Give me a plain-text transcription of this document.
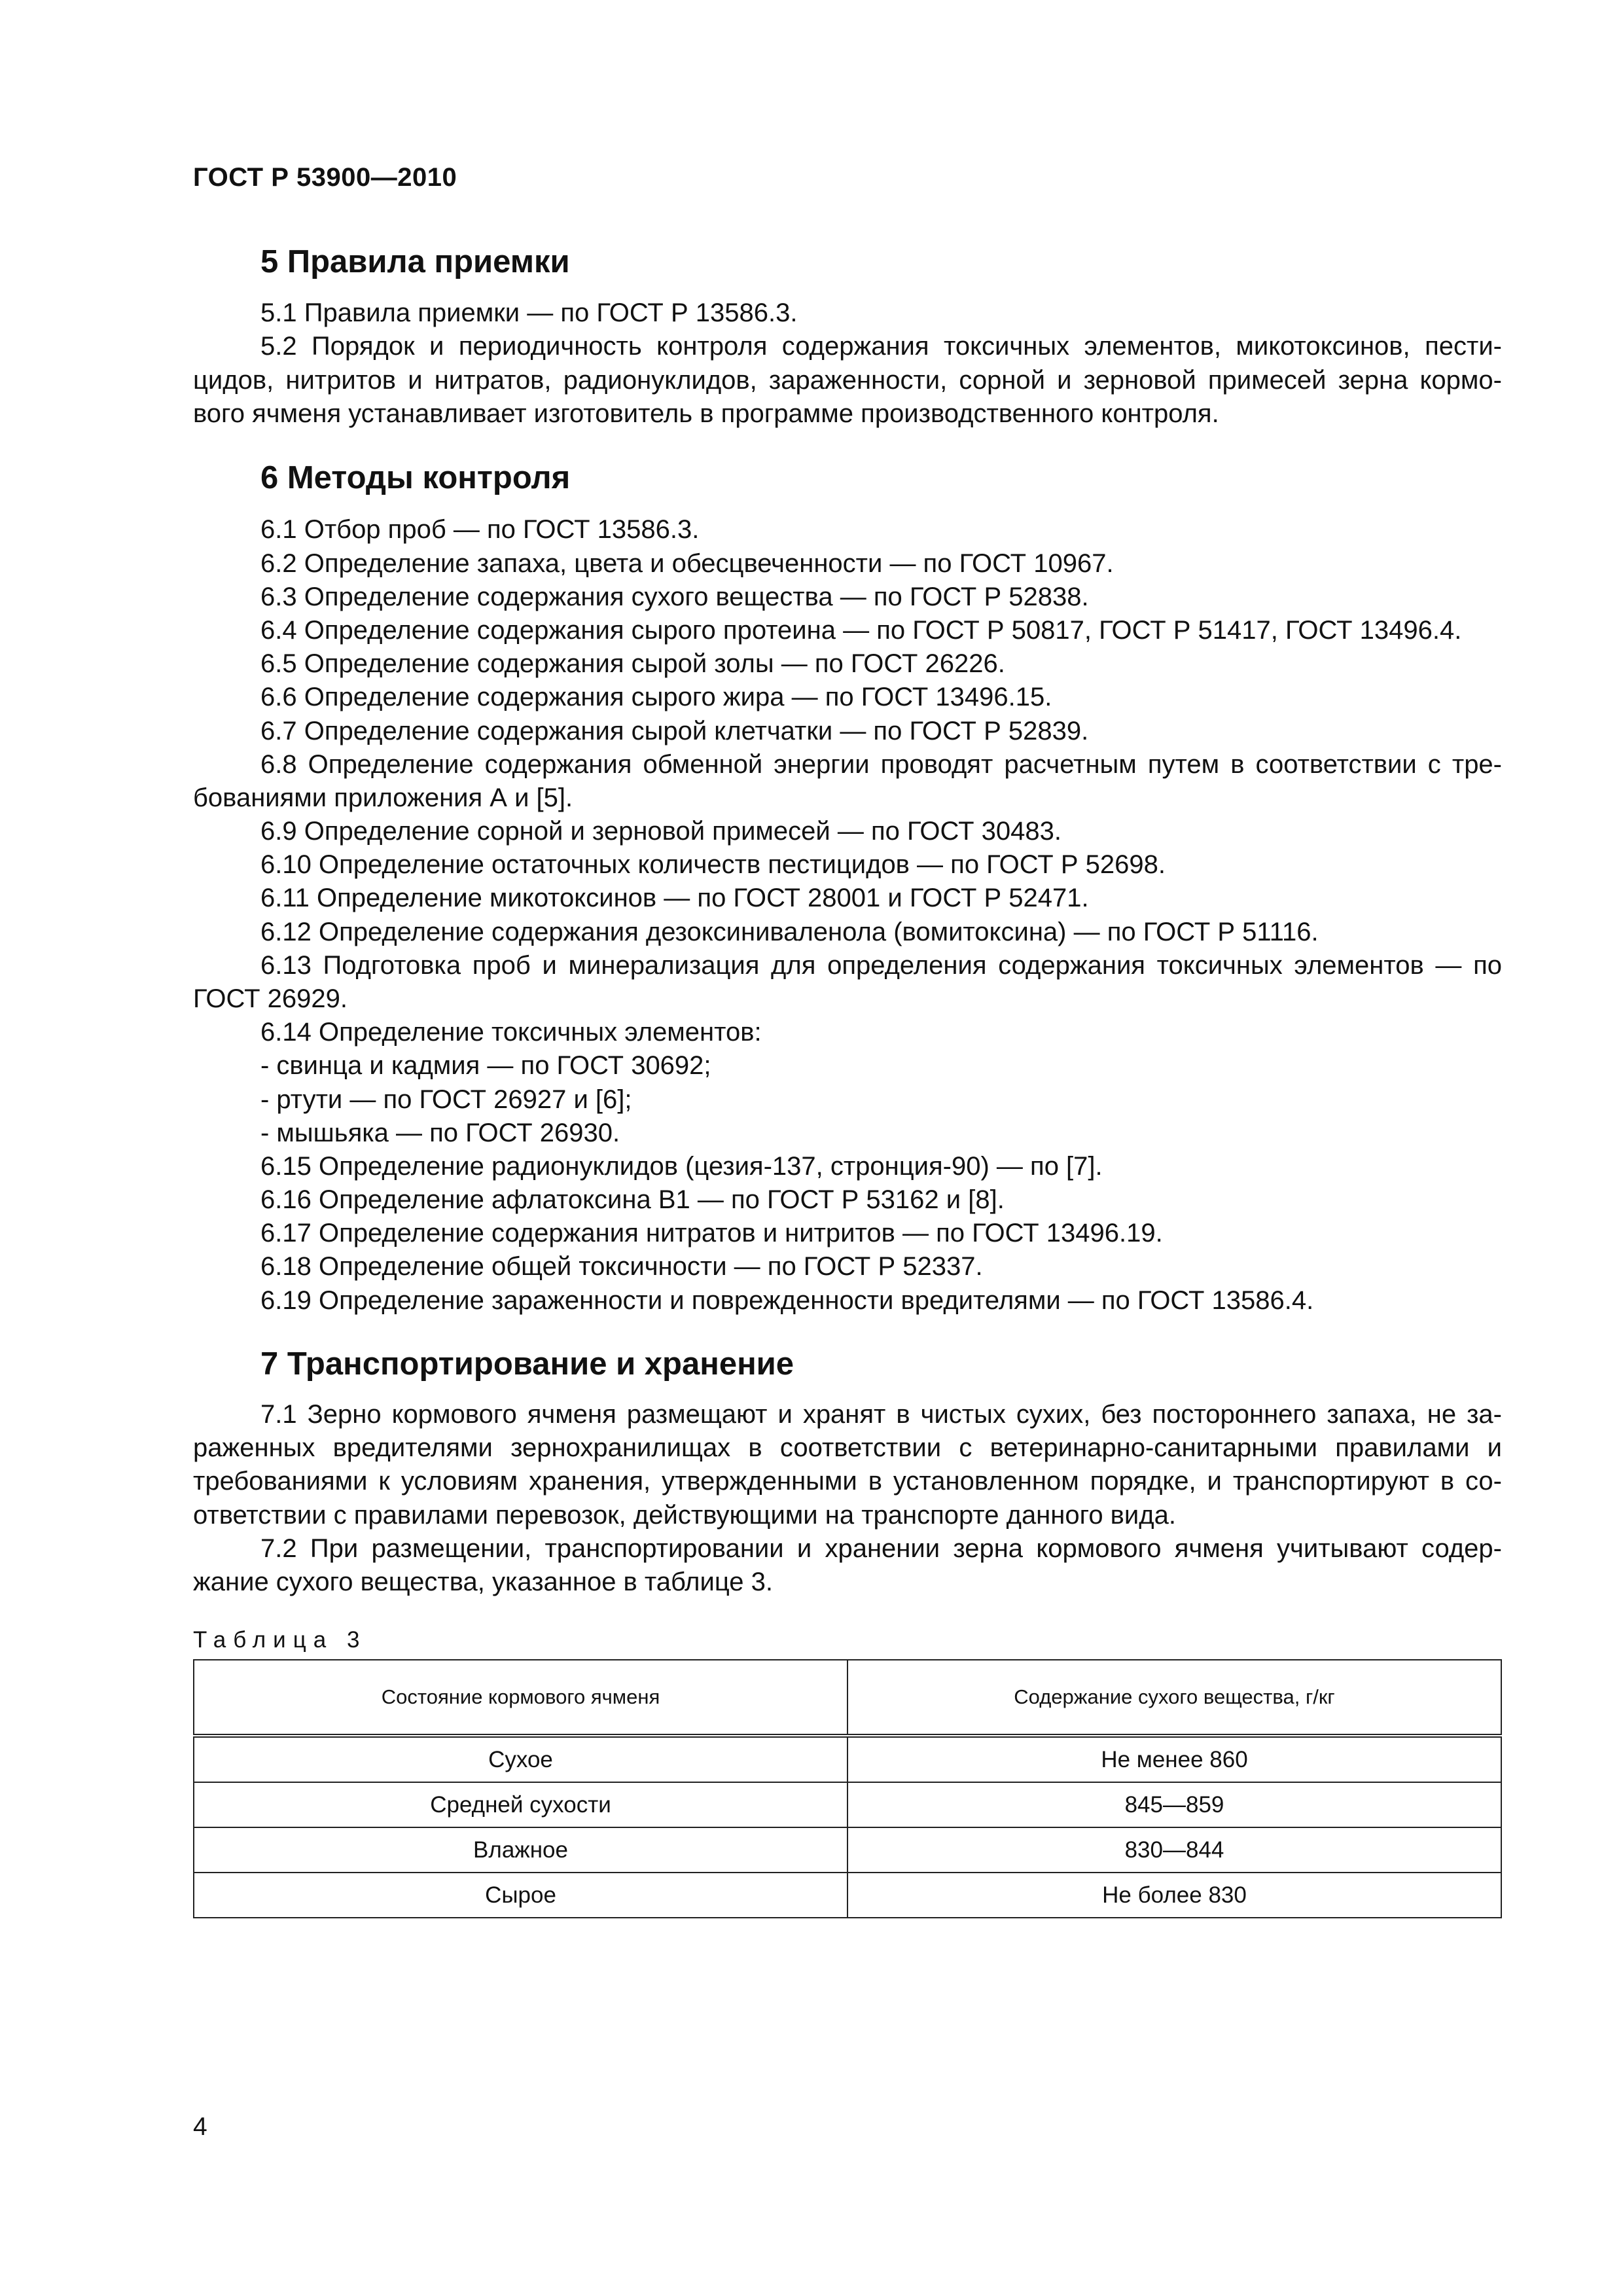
ГОСТ Р 53900—2010
5 Правила приемки
5.1 Правила приемки — по ГОСТ Р 13586.3.
5.2 Порядок и периодичность контроля содержания токсичных элементов, микотоксинов, пести-
цидов, нитритов и нитратов, радионуклидов, зараженности, сорной и зерновой примесей зерна кормо-
вого ячменя устанавливает изготовитель в программе производственного контроля.
6 Методы контроля
6.1 Отбор проб — по ГОСТ 13586.3.
6.2 Определение запаха, цвета и обесцвеченности — по ГОСТ 10967.
6.3 Определение содержания сухого вещества — по ГОСТ Р 52838.
6.4 Определение содержания сырого протеина — по ГОСТ Р 50817, ГОСТ Р 51417, ГОСТ 13496.4.
6.5 Определение содержания сырой золы — по ГОСТ 26226.
6.6 Определение содержания сырого жира — по ГОСТ 13496.15.
6.7 Определение содержания сырой клетчатки — по ГОСТ Р 52839.
6.8 Определение содержания обменной энергии проводят расчетным путем в соответствии с тре-
бованиями приложения А и [5].
6.9 Определение сорной и зерновой примесей — по ГОСТ 30483.
6.10 Определение остаточных количеств пестицидов — по ГОСТ Р 52698.
6.11 Определение микотоксинов — по ГОСТ 28001 и ГОСТ Р 52471.
6.12 Определение содержания дезоксиниваленола (вомитоксина) — по ГОСТ Р 51116.
6.13 Подготовка проб и минерализация для определения содержания токсичных элементов — по
ГОСТ 26929.
6.14 Определение токсичных элементов:
- свинца и кадмия — по ГОСТ 30692;
- ртути — по ГОСТ 26927 и [6];
- мышьяка — по ГОСТ 26930.
6.15 Определение радионуклидов (цезия-137, стронция-90) — по [7].
6.16 Определение афлатоксина В1 — по ГОСТ Р 53162 и [8].
6.17 Определение содержания нитратов и нитритов — по ГОСТ 13496.19.
6.18 Определение общей токсичности — по ГОСТ Р 52337.
6.19 Определение зараженности и поврежденности вредителями — по ГОСТ 13586.4.
7 Транспортирование и хранение
7.1 Зерно кормового ячменя размещают и хранят в чистых сухих, без постороннего запаха, не за-
раженных вредителями зернохранилищах в соответствии с ветеринарно-санитарными правилами и
требованиями к условиям хранения, утвержденными в установленном порядке, и транспортируют в со-
ответствии с правилами перевозок, действующими на транспорте данного вида.
7.2 При размещении, транспортировании и хранении зерна кормового ячменя учитывают содер-
жание сухого вещества, указанное в таблице 3.
Таблица 3
Состояние кормового ячменя	Содержание сухого вещества, г/кг
Сухое	Не менее 860
Средней сухости	845—859
Влажное	830—844
Сырое	Не более 830
4
